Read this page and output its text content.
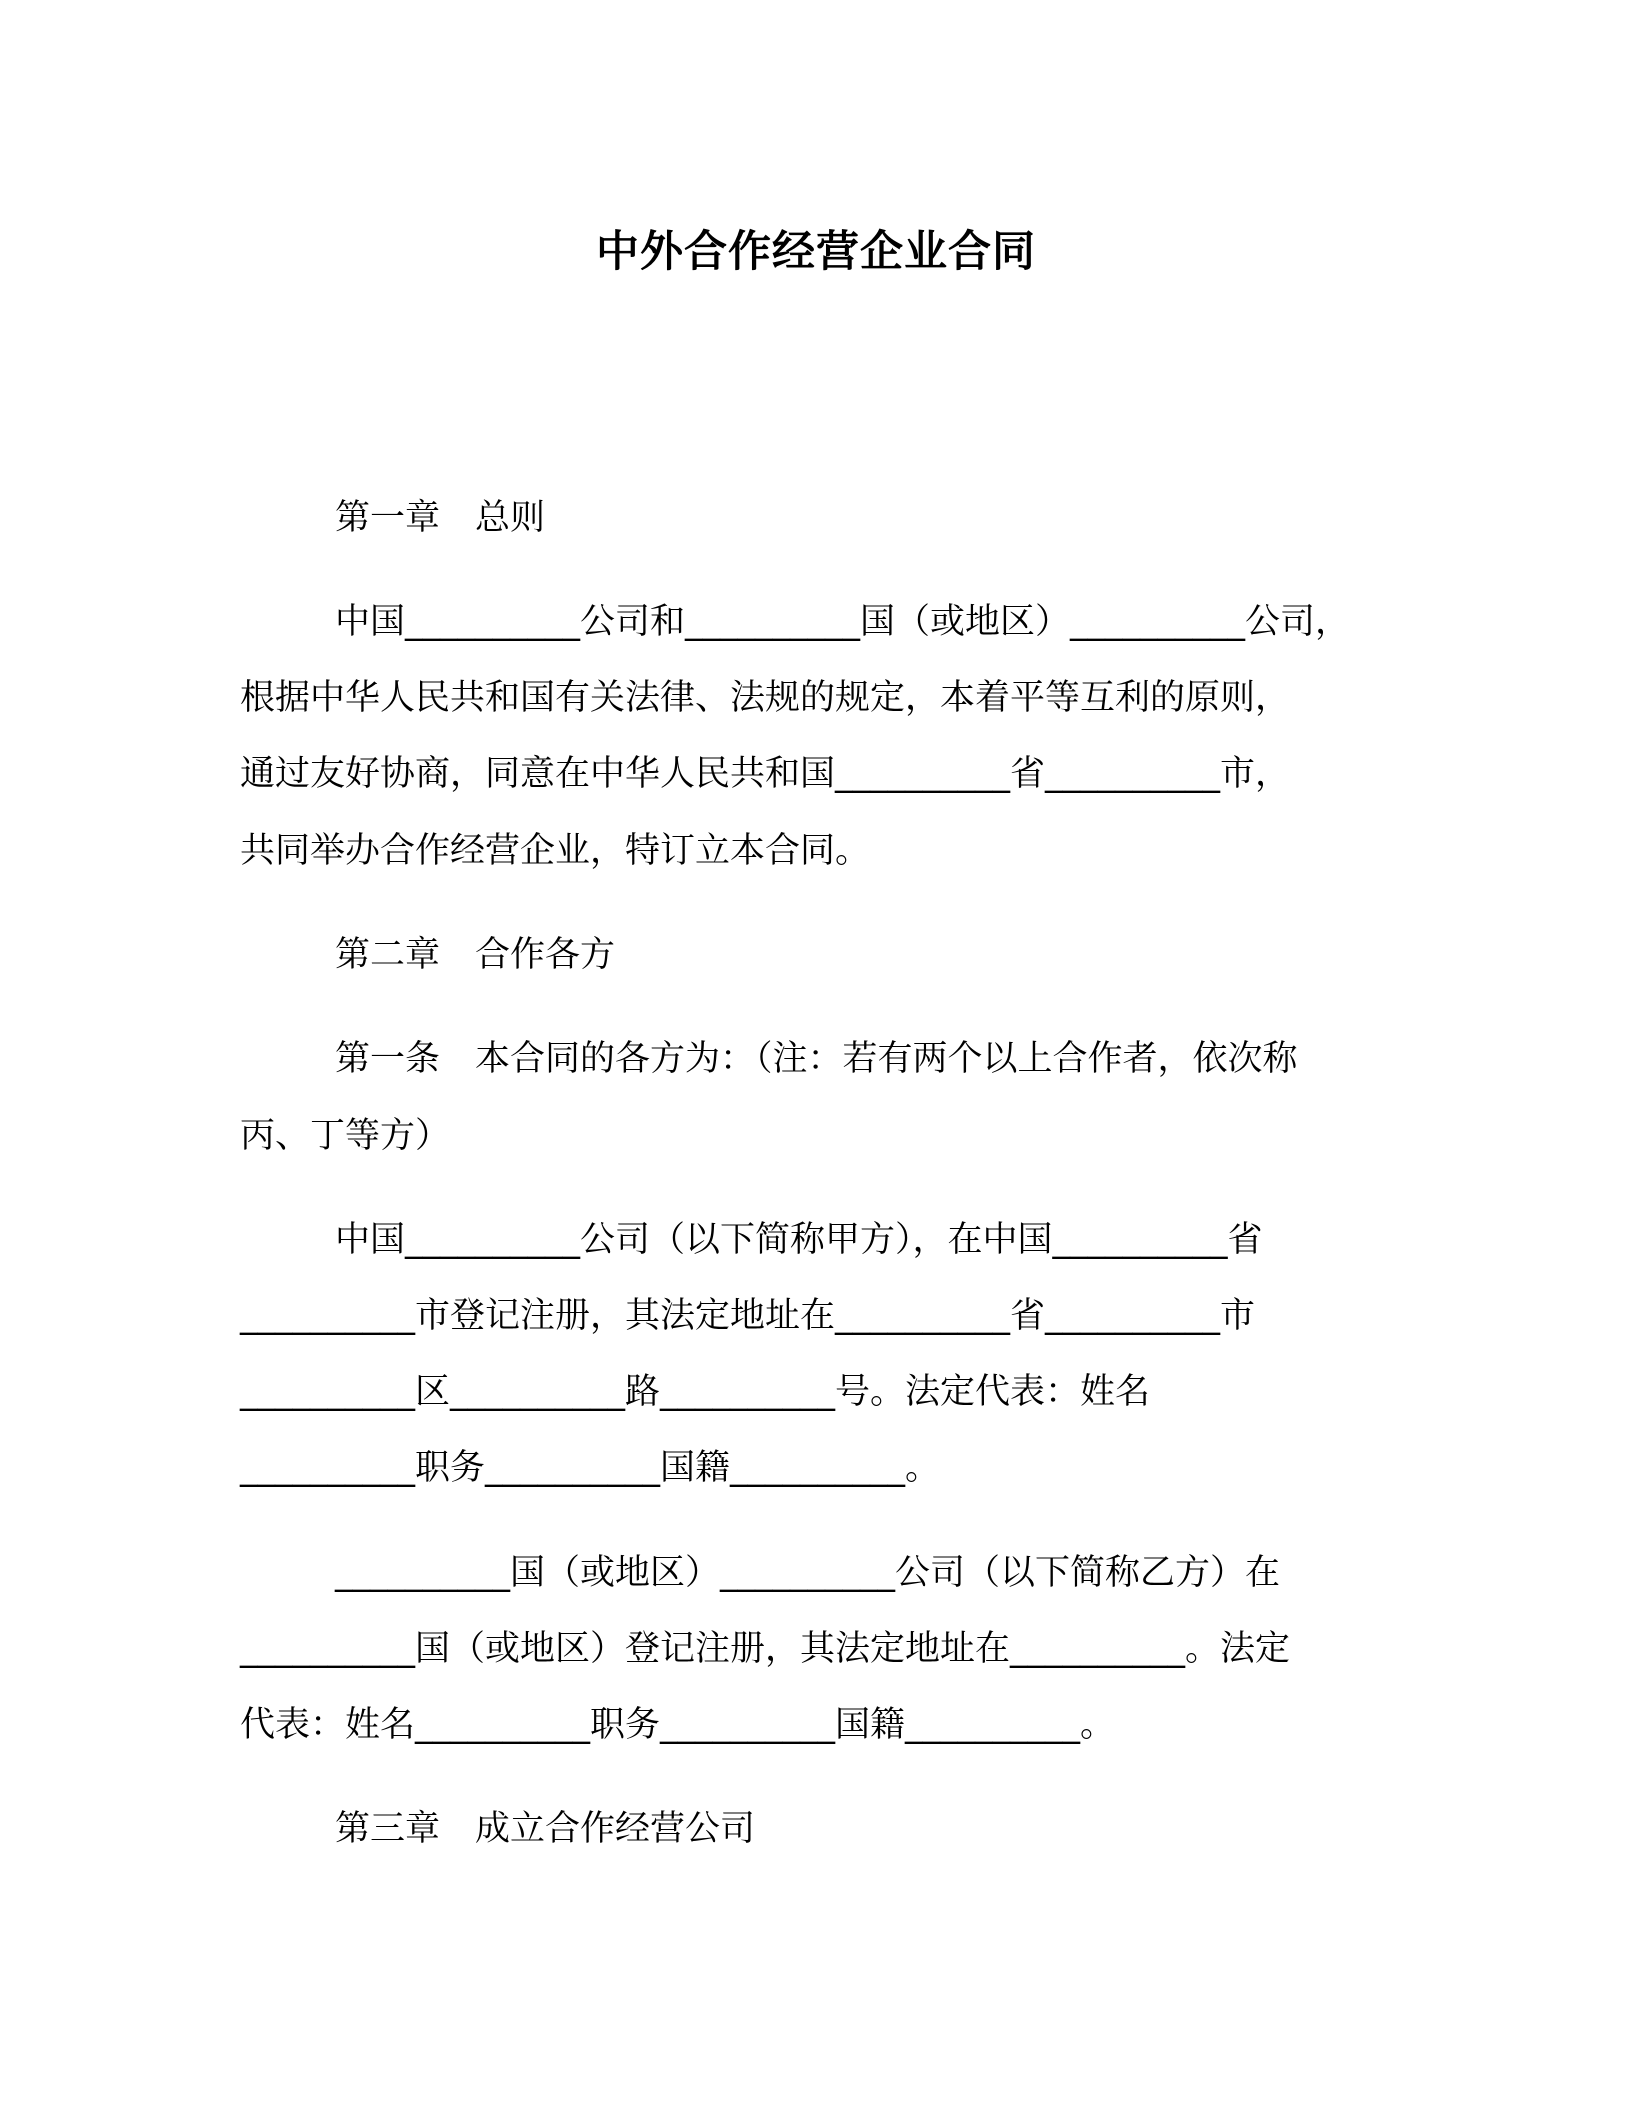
中外合作经营企业合同
第一章　总则
中国__________公司和__________国（或地区）__________公司，
根据中华人民共和国有关法律、法规的规定，本着平等互利的原则，
通过友好协商，同意在中华人民共和国__________省__________市，
共同举办合作经营企业，特订立本合同。
第二章　合作各方
第一条　本合同的各方为：（注：若有两个以上合作者，依次称
丙、丁等方）
中国__________公司（以下简称甲方），在中国__________省
__________市登记注册，其法定地址在__________省__________市
__________区__________路__________号。法定代表：姓名
__________职务__________国籍__________。
__________国（或地区）__________公司（以下简称乙方）在
__________国（或地区）登记注册，其法定地址在__________。法定
代表：姓名__________职务__________国籍__________。
第三章　成立合作经营公司
